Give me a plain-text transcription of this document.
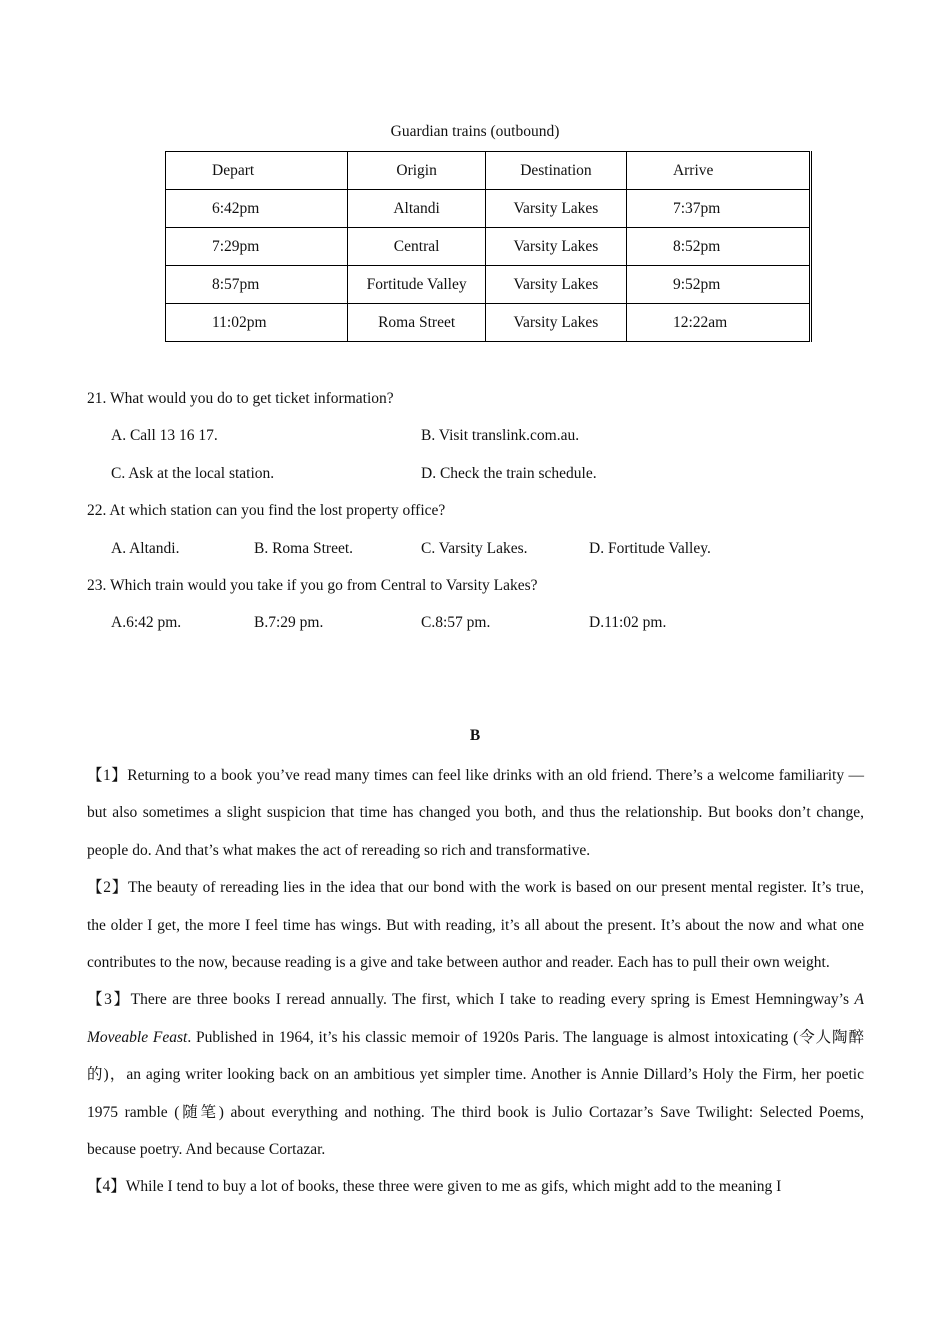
Guardian trains (outbound)
Depart	Origin	Destination	Arrive
6:42pm	Altandi	Varsity Lakes	7:37pm
7:29pm	Central	Varsity Lakes	8:52pm
8:57pm	Fortitude Valley	Varsity Lakes	9:52pm
11:02pm	Roma Street	Varsity Lakes	12:22am
21. What would you do to get ticket information?
A. Call 13 16 17.	B. Visit translink.com.au.
C. Ask at the local station.	D. Check the train schedule.
22. At which station can you find the lost property office?
A. Altandi.	B. Roma Street.	C. Varsity Lakes.	D. Fortitude Valley.
23. Which train would you take if you go from Central to Varsity Lakes?
A.6:42 pm.	B.7:29 pm.	C.8:57 pm.	D.11:02 pm.
B

【1】Returning to a book you’ve read many times can feel like drinks with an old friend. There’s a welcome familiarity — but also sometimes a slight suspicion that time has changed you both, and thus the relationship. But books don’t change, people do. And that’s what makes the act of rereading so rich and transformative.

【2】The beauty of rereading lies in the idea that our bond with the work is based on our present mental register. It’s true, the older I get, the more I feel time has wings. But with reading, it’s all about the present. It’s about the now and what one contributes to the now, because reading is a give and take between author and reader. Each has to pull their own weight.

【3】There are three books I reread annually. The first, which I take to reading every spring is Emest Hemningway’s A Moveable Feast. Published in 1964, it’s his classic memoir of 1920s Paris. The language is almost intoxicating (令人陶醉的)，an aging writer looking back on an ambitious yet simpler time. Another is Annie Dillard’s Holy the Firm, her poetic 1975 ramble (随笔) about everything and nothing. The third book is Julio Cortazar’s Save Twilight: Selected Poems, because poetry. And because Cortazar.

【4】While I tend to buy a lot of books, these three were given to me as gifs, which might add to the meaning I
